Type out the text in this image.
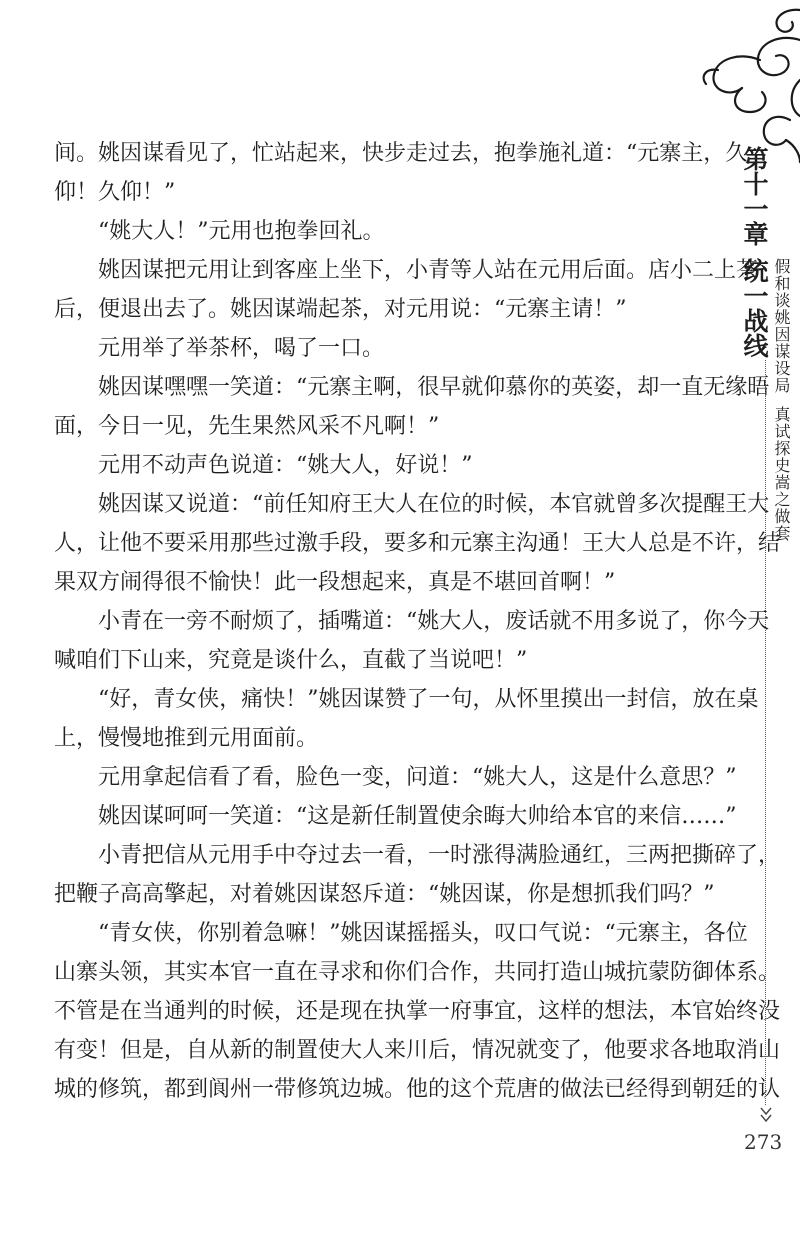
间。姚因谋看见了，忙站起来，快步走过去，抱拳施礼道：“元寨主，久
仰！久仰！”
　　“姚大人！”元用也抱拳回礼。
　　姚因谋把元用让到客座上坐下，小青等人站在元用后面。店小二上茶
后，便退出去了。姚因谋端起茶，对元用说：“元寨主请！”
　　元用举了举茶杯，喝了一口。
　　姚因谋嘿嘿一笑道：“元寨主啊，很早就仰慕你的英姿，却一直无缘晤
面，今日一见，先生果然风采不凡啊！”
　　元用不动声色说道：“姚大人，好说！”
　　姚因谋又说道：“前任知府王大人在位的时候，本官就曾多次提醒王大
人，让他不要采用那些过激手段，要多和元寨主沟通！王大人总是不许，结
果双方闹得很不愉快！此一段想起来，真是不堪回首啊！”
　　小青在一旁不耐烦了，插嘴道：“姚大人，废话就不用多说了，你今天
喊咱们下山来，究竟是谈什么，直截了当说吧！”
　　“好，青女侠，痛快！”姚因谋赞了一句，从怀里摸出一封信，放在桌
上，慢慢地推到元用面前。
　　元用拿起信看了看，脸色一变，问道：“姚大人，这是什么意思？”
　　姚因谋呵呵一笑道：“这是新任制置使余晦大帅给本官的来信……”
　　小青把信从元用手中夺过去一看，一时涨得满脸通红，三两把撕碎了，
把鞭子高高擎起，对着姚因谋怒斥道：“姚因谋，你是想抓我们吗？”
　　“青女侠，你别着急嘛！”姚因谋摇摇头，叹口气说：“元寨主，各位
山寨头领，其实本官一直在寻求和你们合作，共同打造山城抗蒙防御体系。
不管是在当通判的时候，还是现在执掌一府事宜，这样的想法，本官始终没
有变！但是，自从新的制置使大人来川后，情况就变了，他要求各地取消山
城的修筑，都到阆州一带修筑边城。他的这个荒唐的做法已经得到朝廷的认
第十一章统一战线 假和谈姚因谋设局真试探史嵩之做套
273
